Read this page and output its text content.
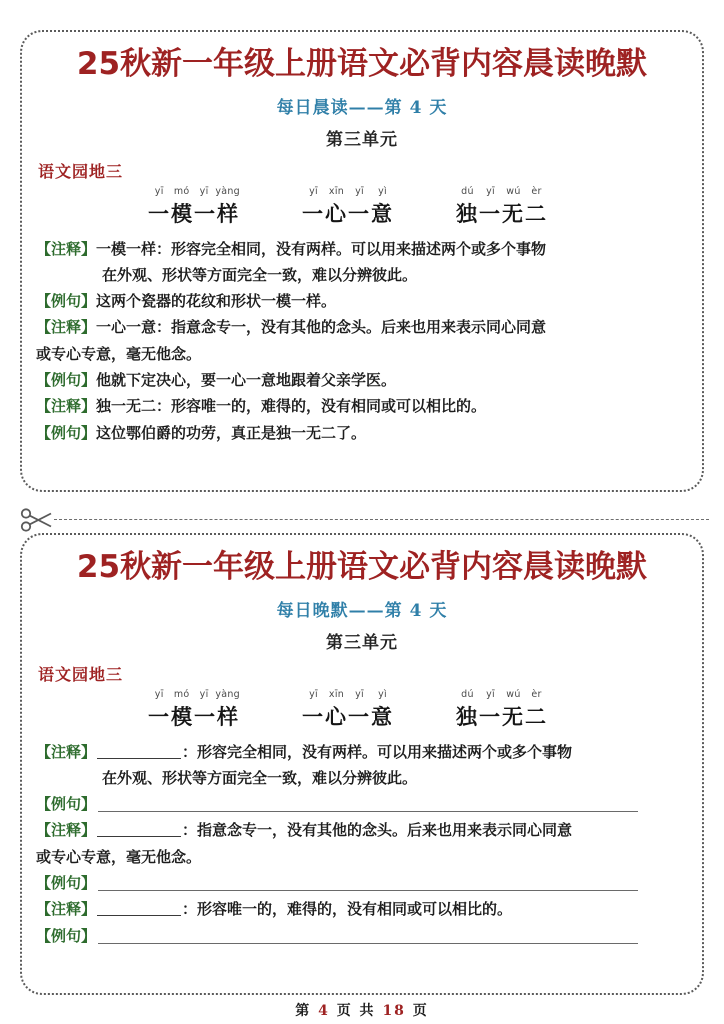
25秋新一年级上册语文必背内容晨读晚默
每日晨读——第 4 天
第三单元
语文园地三
yī	mó	yī yàng
一模一样
yī	xīn	yī	yì
一心一意
dú	yī	wú	èr
独一无二
【注释】一模一样：形容完全相同，没有两样。可以用来描述两个或多个事物
在外观、形状等方面完全一致，难以分辨彼此。
【例句】这两个瓷器的花纹和形状一模一样。
【注释】一心一意：指意念专一，没有其他的念头。后来也用来表示同心同意
或专心专意，毫无他念。
【例句】他就下定决心，要一心一意地跟着父亲学医。
【注释】独一无二：形容唯一的，难得的，没有相同或可以相比的。
【例句】这位鄂伯爵的功劳，真正是独一无二了。
25秋新一年级上册语文必背内容晨读晚默
每日晚默——第 4 天
第三单元
语文园地三
yī	mó	yī yàng
一模一样
yī	xīn	yī	yì
一心一意
dú	yī	wú	èr
独一无二
【注释】	：形容完全相同，没有两样。可以用来描述两个或多个事物
在外观、形状等方面完全一致，难以分辨彼此。
【例句】
【注释】	：指意念专一，没有其他的念头。后来也用来表示同心同意
或专心专意，毫无他念。
【例句】
【注释】	：形容唯一的，难得的，没有相同或可以相比的。
【例句】
第 4 页 共 18 页
